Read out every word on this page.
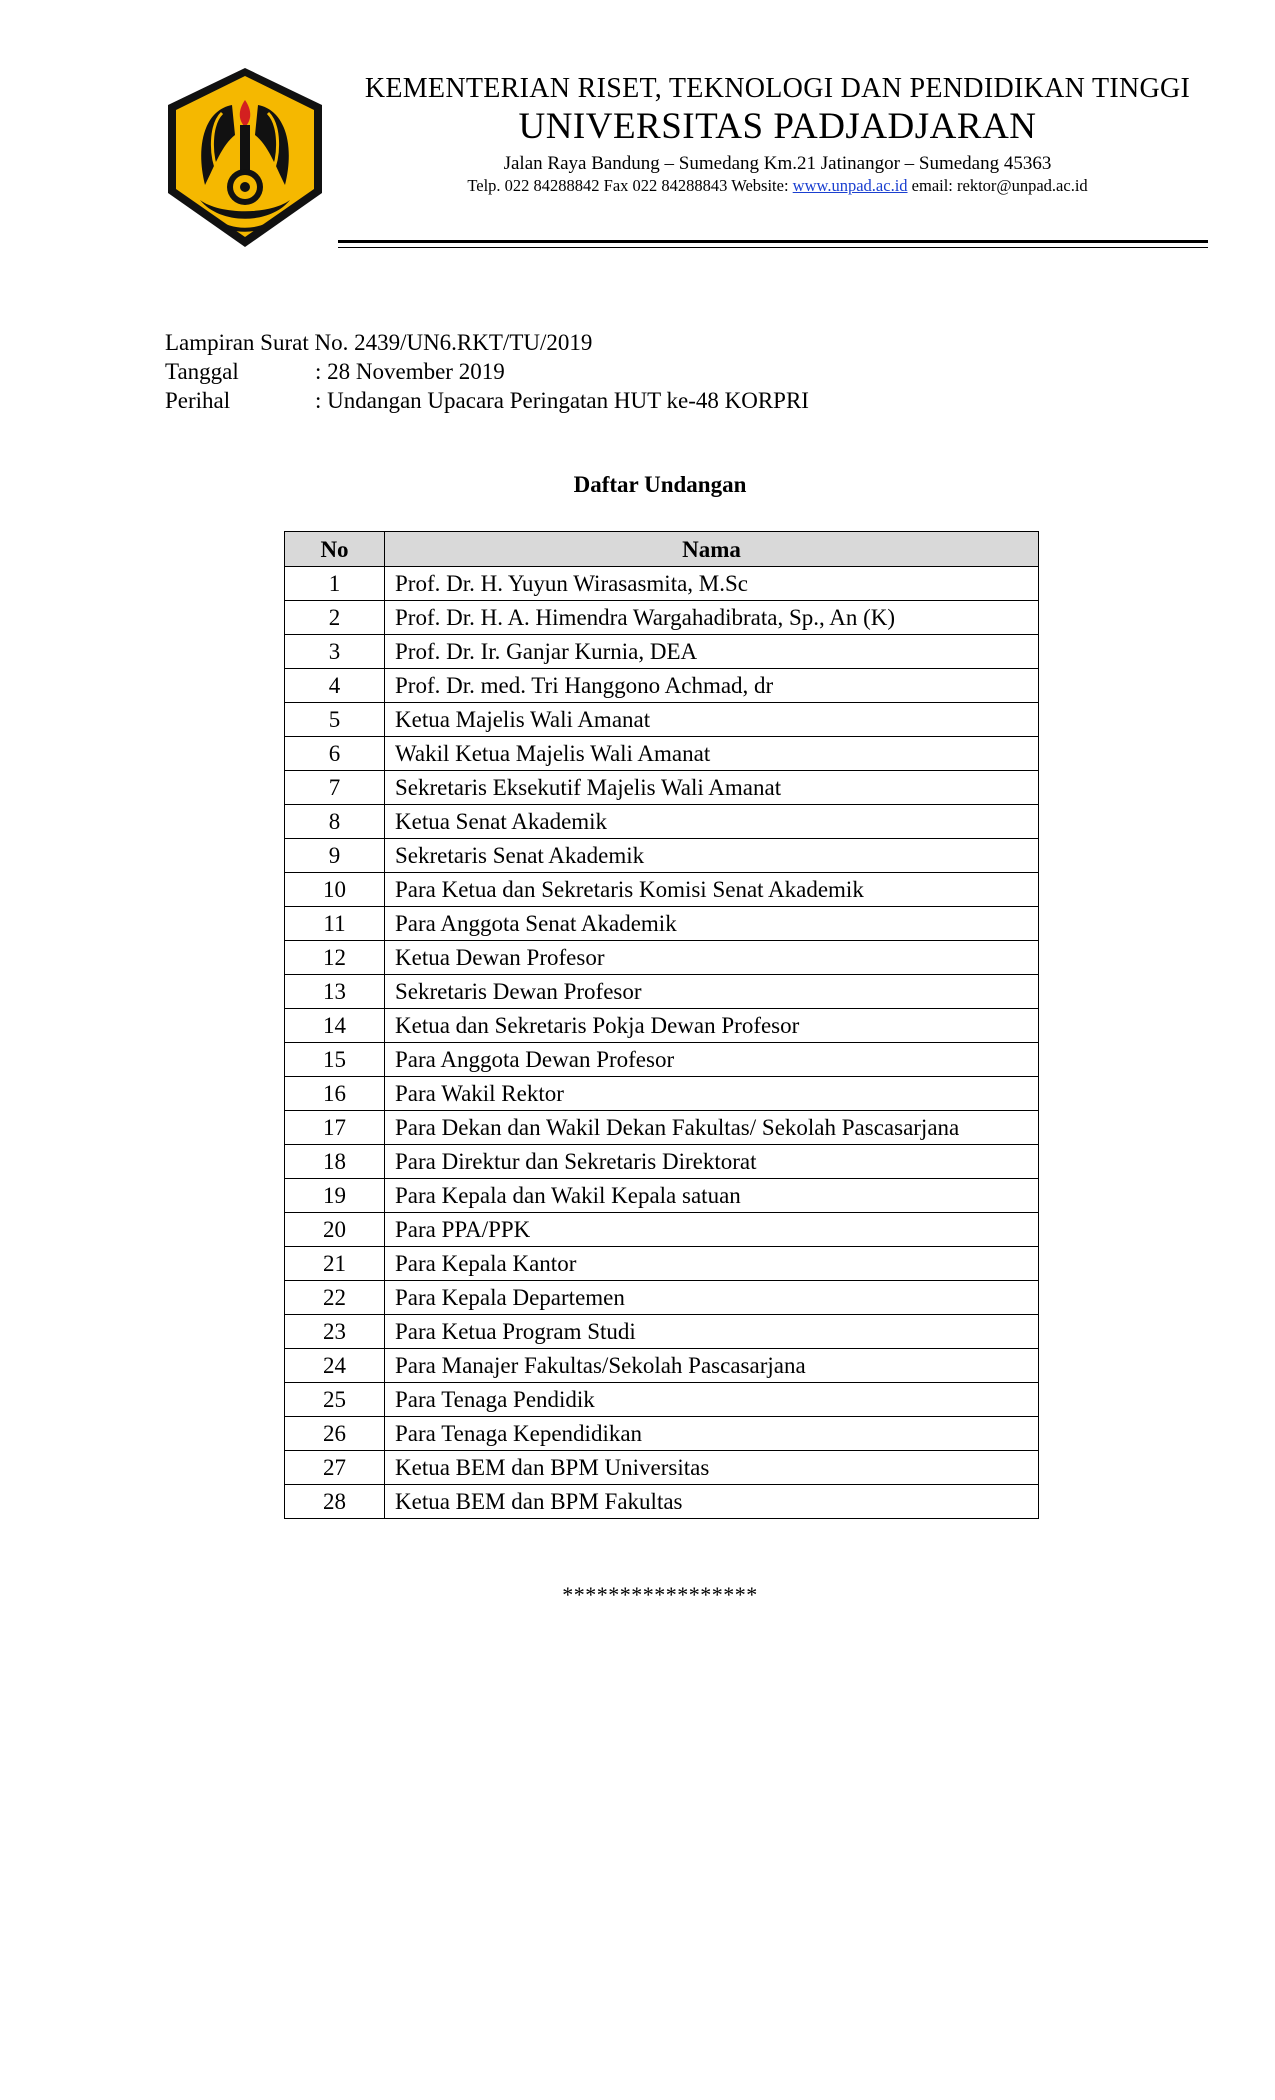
KEMENTERIAN RISET, TEKNOLOGI DAN PENDIDIKAN TINGGI
UNIVERSITAS PADJADJARAN
Jalan Raya Bandung – Sumedang Km.21 Jatinangor – Sumedang 45363
Telp. 022 84288842 Fax 022 84288843 Website: www.unpad.ac.id email: rektor@unpad.ac.id
Lampiran Surat No. 2439/UN6.RKT/TU/2019
Tanggal	: 28 November 2019
Perihal	: Undangan Upacara Peringatan HUT ke-48 KORPRI
Daftar Undangan
No	Nama
1	Prof. Dr. H. Yuyun Wirasasmita, M.Sc
2	Prof. Dr. H. A. Himendra Wargahadibrata, Sp., An (K)
3	Prof. Dr. Ir. Ganjar Kurnia, DEA
4	Prof. Dr. med. Tri Hanggono Achmad, dr
5	Ketua Majelis Wali Amanat
6	Wakil Ketua Majelis Wali Amanat
7	Sekretaris Eksekutif Majelis Wali Amanat
8	Ketua Senat Akademik
9	Sekretaris Senat Akademik
10	Para Ketua dan Sekretaris Komisi Senat Akademik
11	Para Anggota Senat Akademik
12	Ketua Dewan Profesor
13	Sekretaris Dewan Profesor
14	Ketua dan Sekretaris Pokja Dewan Profesor
15	Para Anggota Dewan Profesor
16	Para Wakil Rektor
17	Para Dekan dan Wakil Dekan Fakultas/ Sekolah Pascasarjana
18	Para Direktur dan Sekretaris Direktorat
19	Para Kepala dan Wakil Kepala satuan
20	Para PPA/PPK
21	Para Kepala Kantor
22	Para Kepala Departemen
23	Para Ketua Program Studi
24	Para Manajer Fakultas/Sekolah Pascasarjana
25	Para Tenaga Pendidik
26	Para Tenaga Kependidikan
27	Ketua BEM dan BPM Universitas
28	Ketua BEM dan BPM Fakultas
*****************
